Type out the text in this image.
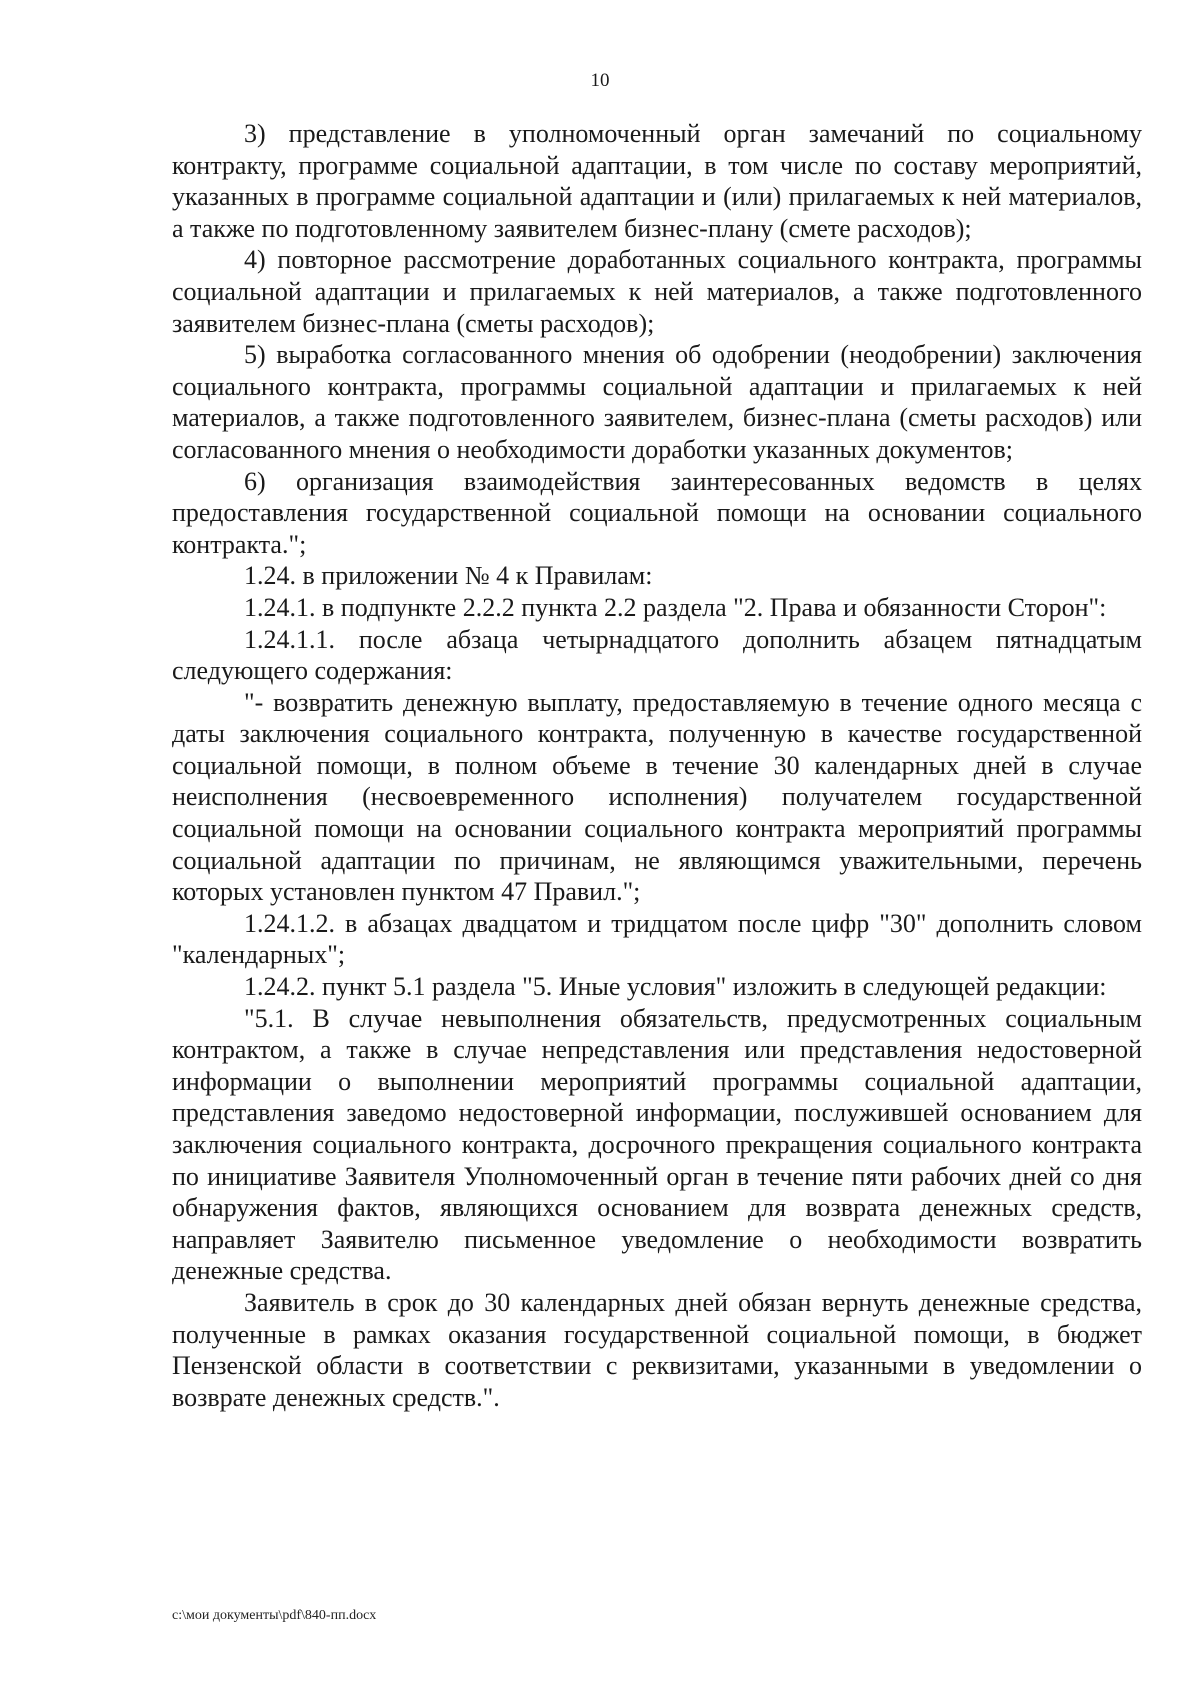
10

3) представление в уполномоченный орган замечаний по социальному контракту, программе социальной адаптации, в том числе по составу мероприятий, указанных в программе социальной адаптации и (или) прилагаемых к ней материалов, а также по подготовленному заявителем бизнес-плану (смете расходов);

4) повторное рассмотрение доработанных социального контракта, программы социальной адаптации и прилагаемых к ней материалов, а также подготовленного заявителем бизнес-плана (сметы расходов);

5) выработка согласованного мнения об одобрении (неодобрении) заключения социального контракта, программы социальной адаптации и прилагаемых к ней материалов, а также подготовленного заявителем, бизнес-плана (сметы расходов) или согласованного мнения о необходимости доработки указанных документов;

6) организация взаимодействия заинтересованных ведомств в целях предоставления государственной социальной помощи на основании социального контракта.";

1.24. в приложении № 4 к Правилам:

1.24.1. в подпункте 2.2.2 пункта 2.2 раздела "2. Права и обязанности Сторон":

1.24.1.1. после абзаца четырнадцатого дополнить абзацем пятнадцатым следующего содержания:

"- возвратить денежную выплату, предоставляемую в течение одного месяца с даты заключения социального контракта, полученную в качестве государственной социальной помощи, в полном объеме в течение 30 календарных дней в случае неисполнения (несвоевременного исполнения) получателем государственной социальной помощи на основании социального контракта мероприятий программы социальной адаптации по причинам, не являющимся уважительными, перечень которых установлен пунктом 47 Правил.";

1.24.1.2. в абзацах двадцатом и тридцатом после цифр "30" дополнить словом "календарных";

1.24.2. пункт 5.1 раздела "5. Иные условия" изложить в следующей редакции:

"5.1. В случае невыполнения обязательств, предусмотренных социальным контрактом, а также в случае непредставления или представления недостоверной информации о выполнении мероприятий программы социальной адаптации, представления заведомо недостоверной информации, послужившей основанием для заключения социального контракта, досрочного прекращения социального контракта по инициативе Заявителя Уполномоченный орган в течение пяти рабочих дней со дня обнаружения фактов, являющихся основанием для возврата денежных средств, направляет Заявителю письменное уведомление о необходимости возвратить денежные средства.

Заявитель в срок до 30 календарных дней обязан вернуть денежные средства, полученные в рамках оказания государственной социальной помощи, в бюджет Пензенской области в соответствии с реквизитами, указанными в уведомлении о возврате денежных средств.".

c:\мои документы\pdf\840-пп.docx
